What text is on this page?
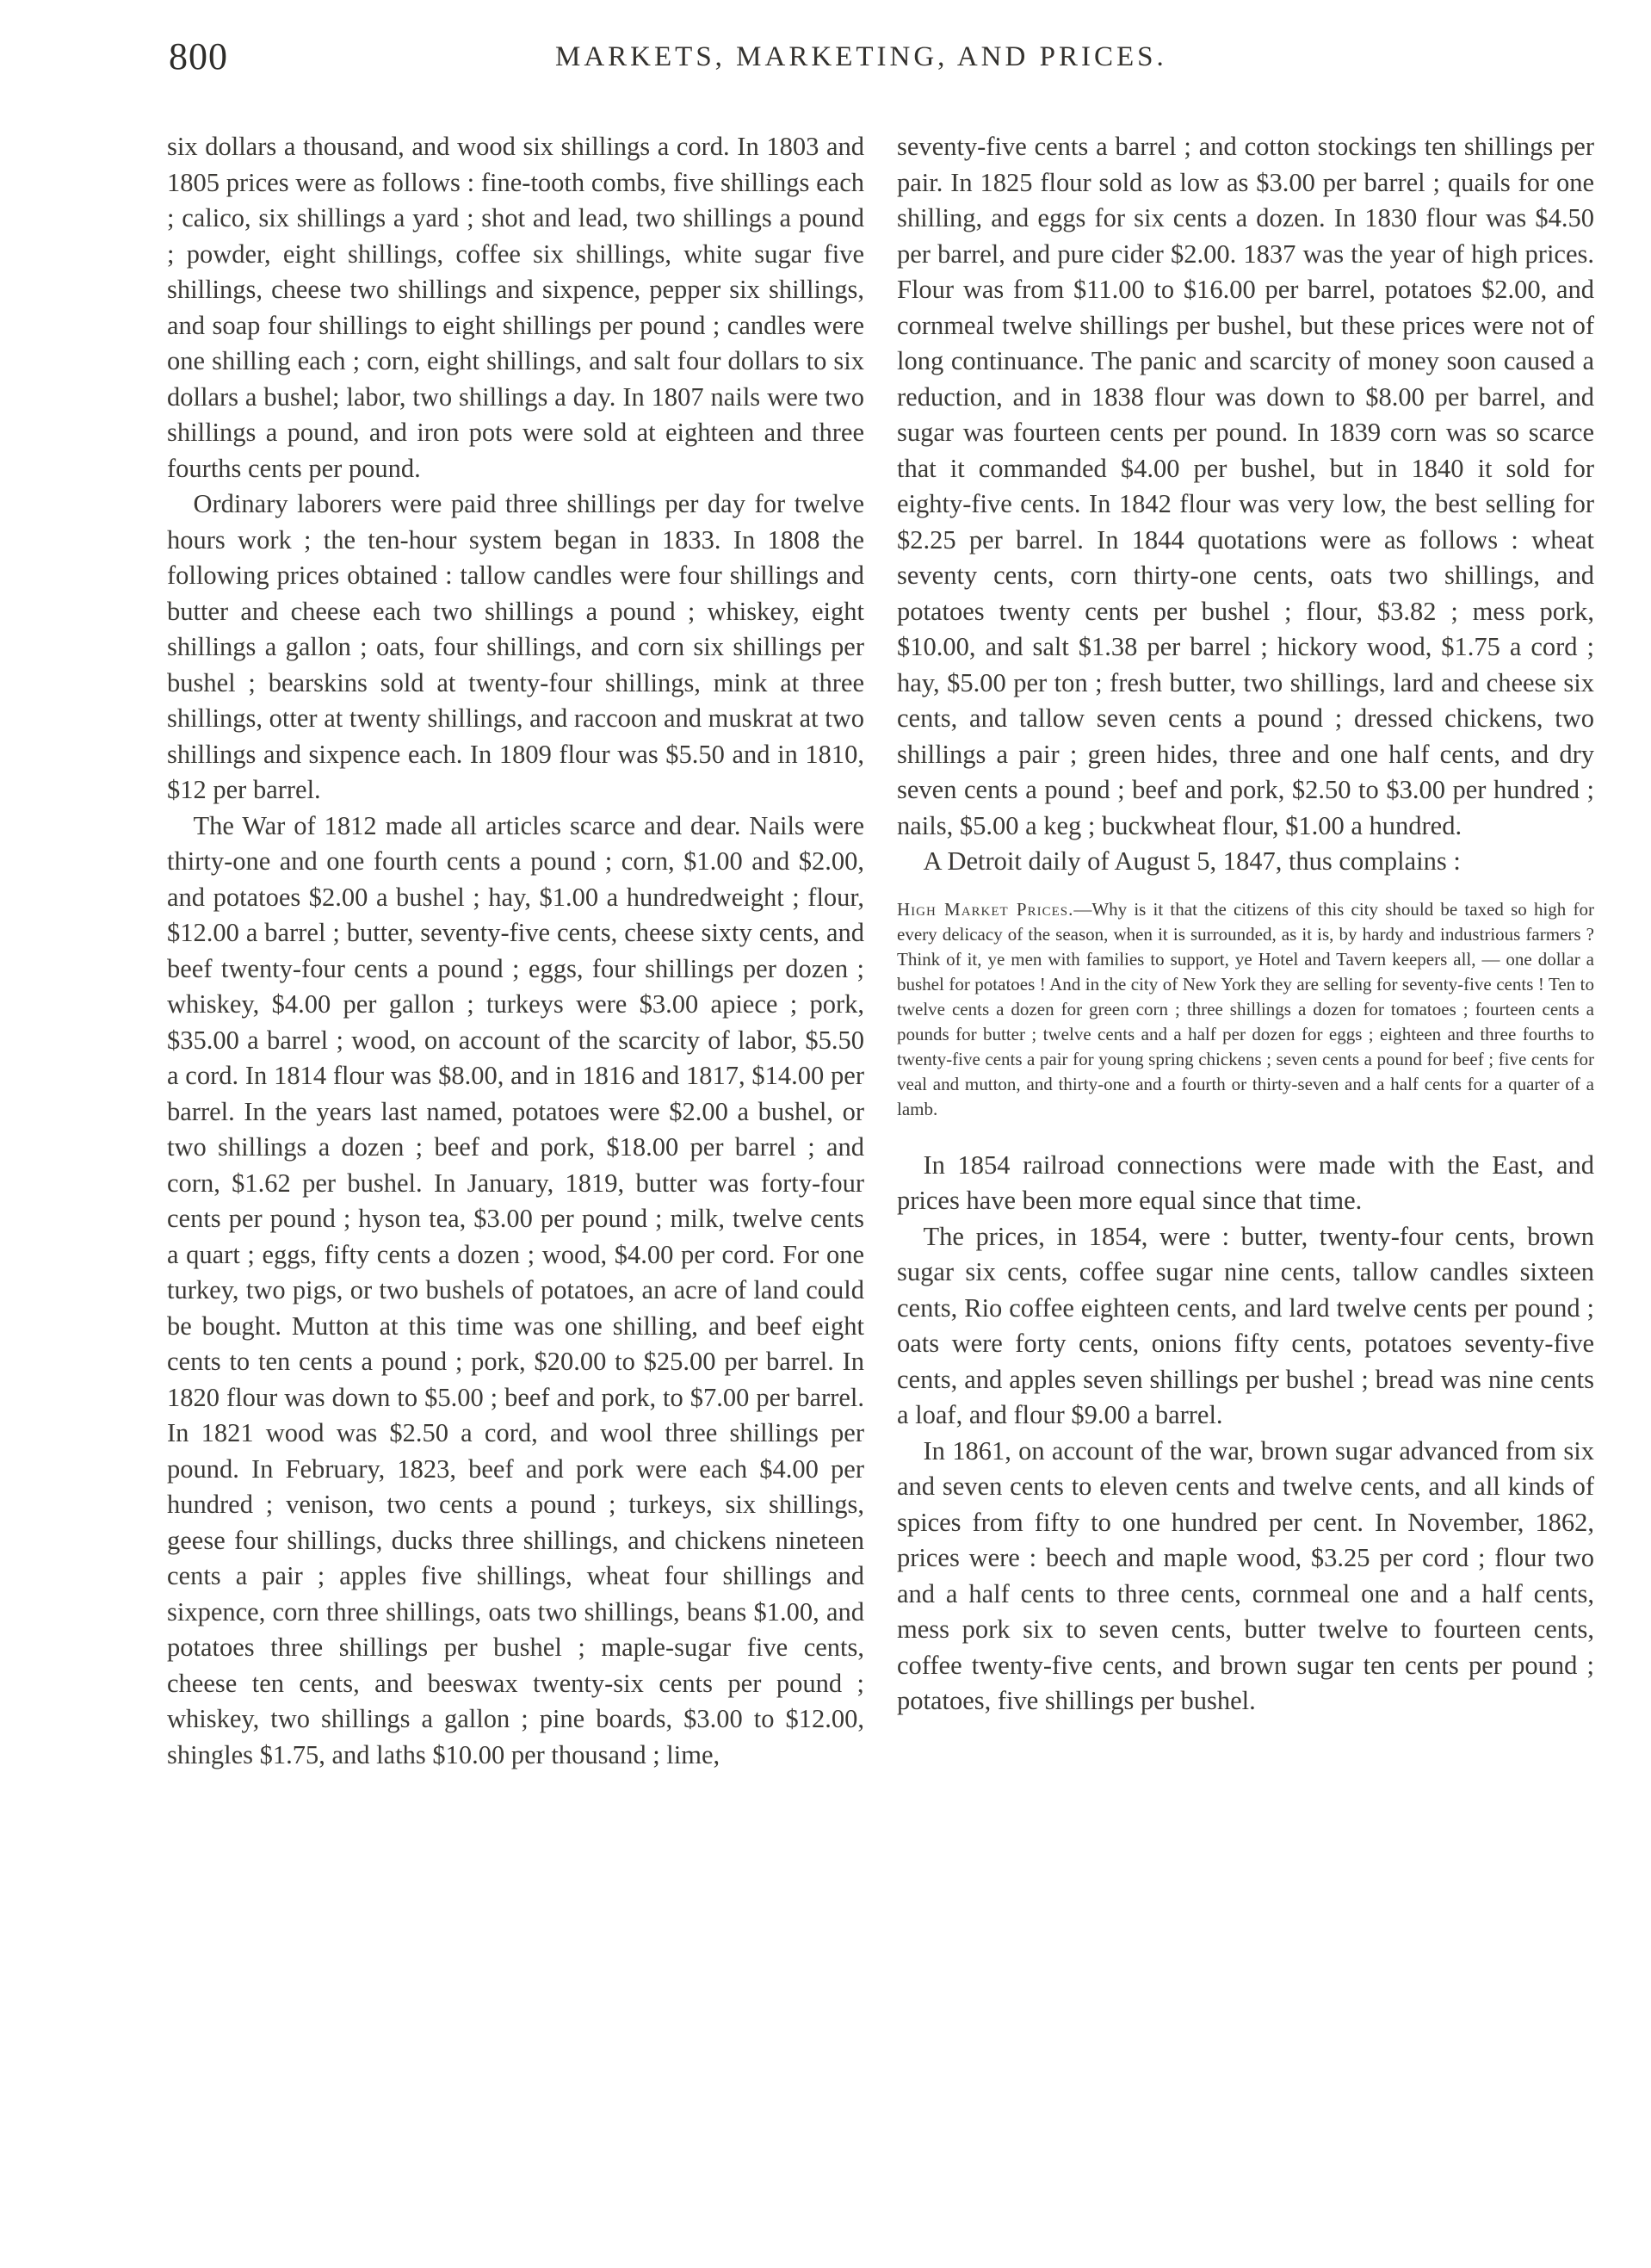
800	MARKETS, MARKETING, AND PRICES.

six dollars a thousand, and wood six shillings a cord. In 1803 and 1805 prices were as follows : fine-tooth combs, five shillings each ; calico, six shillings a yard ; shot and lead, two shillings a pound ; powder, eight shillings, coffee six shillings, white sugar five shillings, cheese two shillings and sixpence, pepper six shillings, and soap four shillings to eight shillings per pound ; candles were one shilling each ; corn, eight shillings, and salt four dollars to six dollars a bushel; labor, two shillings a day. In 1807 nails were two shillings a pound, and iron pots were sold at eighteen and three fourths cents per pound.

Ordinary laborers were paid three shillings per day for twelve hours work ; the ten-hour system began in 1833. In 1808 the following prices obtained : tallow candles were four shillings and butter and cheese each two shillings a pound ; whiskey, eight shillings a gallon ; oats, four shillings, and corn six shillings per bushel ; bearskins sold at twenty-four shillings, mink at three shillings, otter at twenty shillings, and raccoon and muskrat at two shillings and sixpence each. In 1809 flour was $5.50 and in 1810, $12 per barrel.

The War of 1812 made all articles scarce and dear. Nails were thirty-one and one fourth cents a pound ; corn, $1.00 and $2.00, and potatoes $2.00 a bushel ; hay, $1.00 a hundredweight ; flour, $12.00 a barrel ; butter, seventy-five cents, cheese sixty cents, and beef twenty-four cents a pound ; eggs, four shillings per dozen ; whiskey, $4.00 per gallon ; turkeys were $3.00 apiece ; pork, $35.00 a barrel ; wood, on account of the scarcity of labor, $5.50 a cord. In 1814 flour was $8.00, and in 1816 and 1817, $14.00 per barrel. In the years last named, potatoes were $2.00 a bushel, or two shillings a dozen ; beef and pork, $18.00 per barrel ; and corn, $1.62 per bushel. In January, 1819, butter was forty-four cents per pound ; hyson tea, $3.00 per pound ; milk, twelve cents a quart ; eggs, fifty cents a dozen ; wood, $4.00 per cord. For one turkey, two pigs, or two bushels of potatoes, an acre of land could be bought. Mutton at this time was one shilling, and beef eight cents to ten cents a pound ; pork, $20.00 to $25.00 per barrel. In 1820 flour was down to $5.00 ; beef and pork, to $7.00 per barrel. In 1821 wood was $2.50 a cord, and wool three shillings per pound. In February, 1823, beef and pork were each $4.00 per hundred ; venison, two cents a pound ; turkeys, six shillings, geese four shillings, ducks three shillings, and chickens nineteen cents a pair ; apples five shillings, wheat four shillings and sixpence, corn three shillings, oats two shillings, beans $1.00, and potatoes three shillings per bushel ; maple-sugar five cents, cheese ten cents, and beeswax twenty-six cents per pound ; whiskey, two shillings a gallon ; pine boards, $3.00 to $12.00, shingles $1.75, and laths $10.00 per thousand ; lime,

seventy-five cents a barrel ; and cotton stockings ten shillings per pair. In 1825 flour sold as low as $3.00 per barrel ; quails for one shilling, and eggs for six cents a dozen. In 1830 flour was $4.50 per barrel, and pure cider $2.00. 1837 was the year of high prices. Flour was from $11.00 to $16.00 per barrel, potatoes $2.00, and cornmeal twelve shillings per bushel, but these prices were not of long continuance. The panic and scarcity of money soon caused a reduction, and in 1838 flour was down to $8.00 per barrel, and sugar was fourteen cents per pound. In 1839 corn was so scarce that it commanded $4.00 per bushel, but in 1840 it sold for eighty-five cents. In 1842 flour was very low, the best selling for $2.25 per barrel. In 1844 quotations were as follows : wheat seventy cents, corn thirty-one cents, oats two shillings, and potatoes twenty cents per bushel ; flour, $3.82 ; mess pork, $10.00, and salt $1.38 per barrel ; hickory wood, $1.75 a cord ; hay, $5.00 per ton ; fresh butter, two shillings, lard and cheese six cents, and tallow seven cents a pound ; dressed chickens, two shillings a pair ; green hides, three and one half cents, and dry seven cents a pound ; beef and pork, $2.50 to $3.00 per hundred ; nails, $5.00 a keg ; buckwheat flour, $1.00 a hundred.

A Detroit daily of August 5, 1847, thus complains :

High Market Prices.—Why is it that the citizens of this city should be taxed so high for every delicacy of the season, when it is surrounded, as it is, by hardy and industrious farmers ? Think of it, ye men with families to support, ye Hotel and Tavern keepers all, — one dollar a bushel for potatoes ! And in the city of New York they are selling for seventy-five cents ! Ten to twelve cents a dozen for green corn ; three shillings a dozen for tomatoes ; fourteen cents a pounds for butter ; twelve cents and a half per dozen for eggs ; eighteen and three fourths to twenty-five cents a pair for young spring chickens ; seven cents a pound for beef ; five cents for veal and mutton, and thirty-one and a fourth or thirty-seven and a half cents for a quarter of a lamb.

In 1854 railroad connections were made with the East, and prices have been more equal since that time.

The prices, in 1854, were : butter, twenty-four cents, brown sugar six cents, coffee sugar nine cents, tallow candles sixteen cents, Rio coffee eighteen cents, and lard twelve cents per pound ; oats were forty cents, onions fifty cents, potatoes seventy-five cents, and apples seven shillings per bushel ; bread was nine cents a loaf, and flour $9.00 a barrel.

In 1861, on account of the war, brown sugar advanced from six and seven cents to eleven cents and twelve cents, and all kinds of spices from fifty to one hundred per cent. In November, 1862, prices were : beech and maple wood, $3.25 per cord ; flour two and a half cents to three cents, cornmeal one and a half cents, mess pork six to seven cents, butter twelve to fourteen cents, coffee twenty-five cents, and brown sugar ten cents per pound ; potatoes, five shillings per bushel.
